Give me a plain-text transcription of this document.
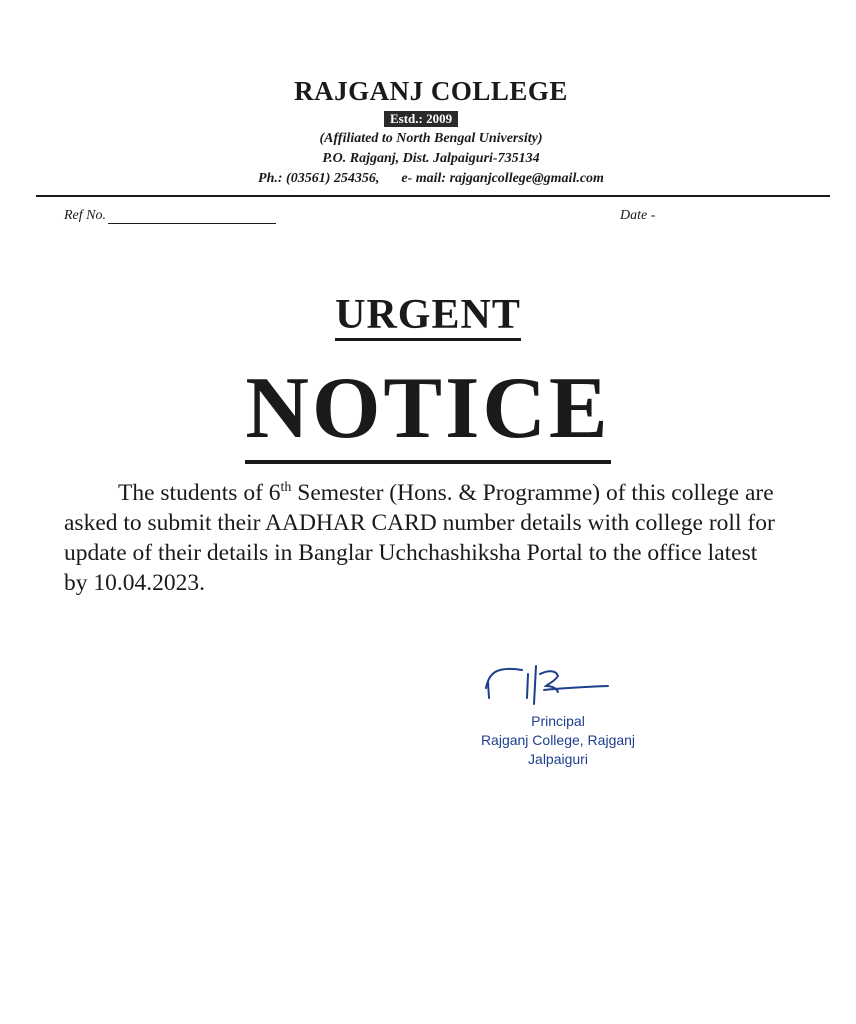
RAJGANJ COLLEGE
Estd.: 2009
(Affiliated to North Bengal University)
P.O. Rajganj, Dist. Jalpaiguri-735134
Ph.: (03561) 254356, e- mail: rajganjcollege@gmail.com
Ref No.	Date -
URGENT
NOTICE
The students of 6th Semester (Hons. & Programme) of this college are asked to submit their AADHAR CARD number details with college roll for update of their details in Banglar Uchchashiksha Portal to the office latest by 10.04.2023.
Principal
Rajganj College, Rajganj
Jalpaiguri
